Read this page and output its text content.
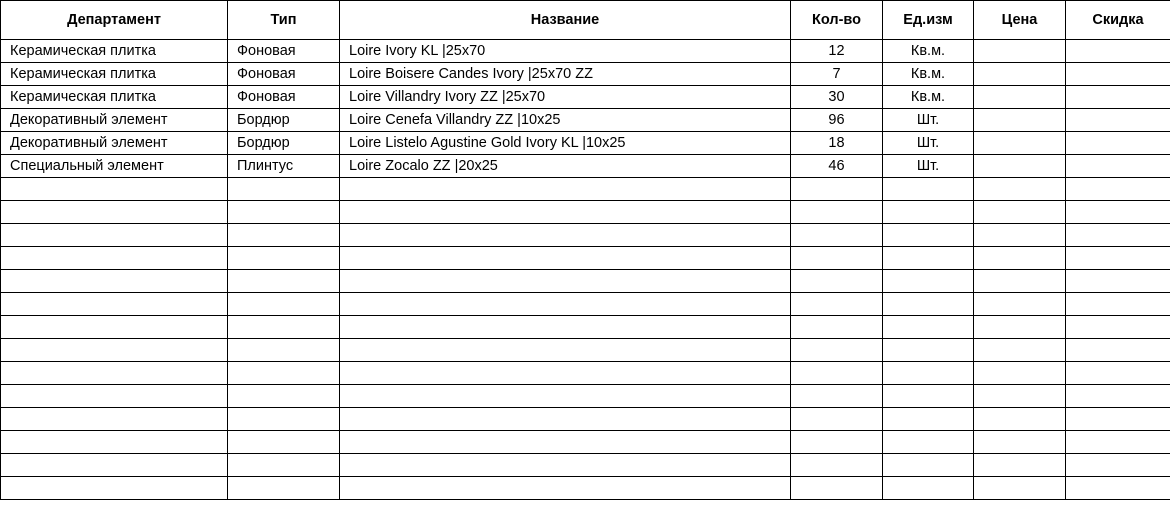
Департамент	Тип	Название	Кол-во	Ед.изм	Цена	Скидка
Керамическая плитка	Фоновая	Loire Ivory KL |25x70	12	Кв.м.		
Керамическая плитка	Фоновая	Loire Boisere Candes Ivory |25x70 ZZ	7	Кв.м.		
Керамическая плитка	Фоновая	Loire Villandry Ivory ZZ |25x70	30	Кв.м.		
Декоративный элемент	Бордюр	Loire Cenefa Villandry ZZ |10x25	96	Шт.		
Декоративный элемент	Бордюр	Loire Listelo Agustine Gold Ivory KL |10x25	18	Шт.		
Специальный элемент	Плинтус	Loire Zocalo ZZ |20x25	46	Шт.		
